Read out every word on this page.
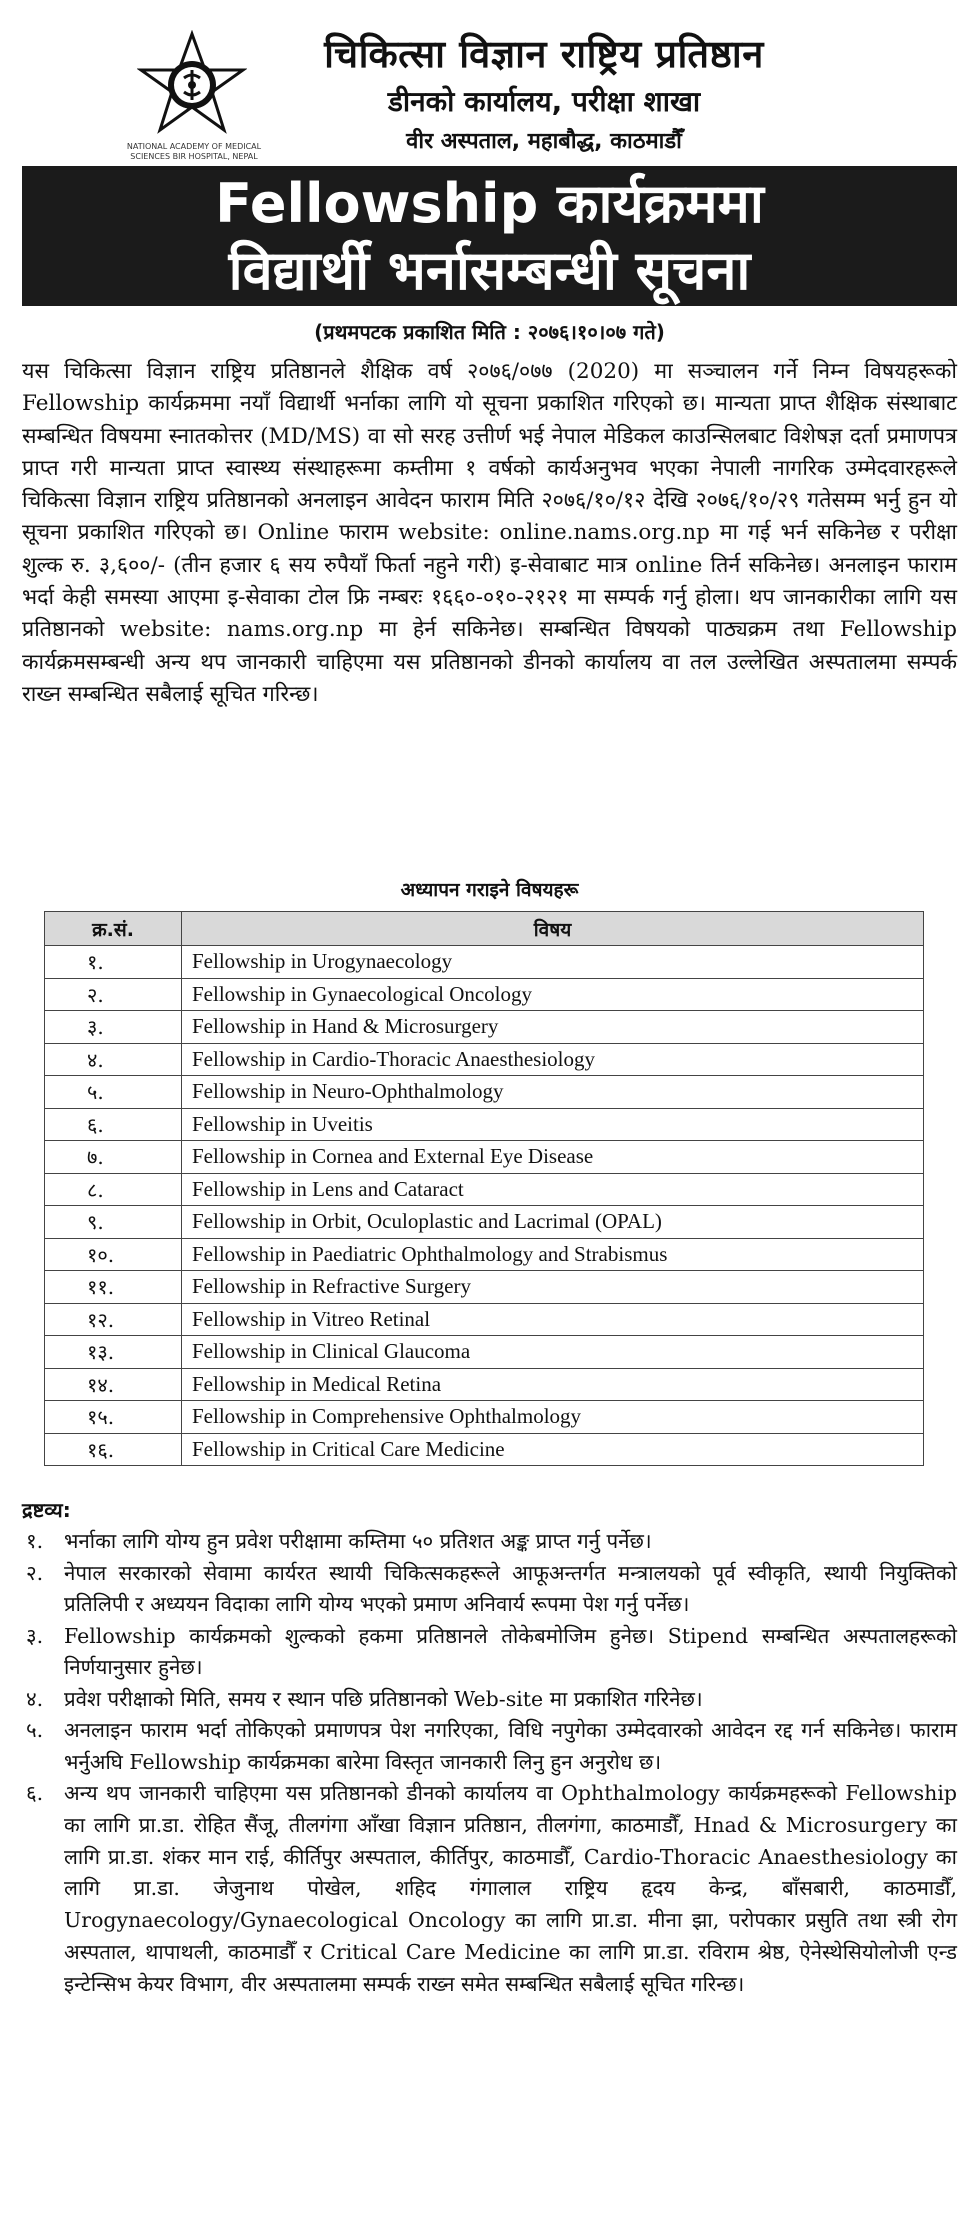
NATIONAL ACADEMY OF MEDICAL SCIENCES BIR HOSPITAL, NEPAL
चिकित्सा विज्ञान राष्ट्रिय प्रतिष्ठान
डीनको कार्यालय, परीक्षा शाखा
वीर अस्पताल, महाबौद्ध, काठमाडौँ
Fellowship कार्यक्रममा
विद्यार्थी भर्नासम्बन्धी सूचना
(प्रथमपटक प्रकाशित मिति : २०७६।१०।०७ गते)

यस चिकित्सा विज्ञान राष्ट्रिय प्रतिष्ठानले शैक्षिक वर्ष २०७६/०७७ (2020) मा सञ्चालन गर्ने निम्न विषयहरूको Fellowship कार्यक्रममा नयाँ विद्यार्थी भर्नाका लागि यो सूचना प्रकाशित गरिएको छ। मान्यता प्राप्त शैक्षिक संस्थाबाट सम्बन्धित विषयमा स्नातकोत्तर (MD/MS) वा सो सरह उत्तीर्ण भई नेपाल मेडिकल काउन्सिलबाट विशेषज्ञ दर्ता प्रमाणपत्र प्राप्त गरी मान्यता प्राप्त स्वास्थ्य संस्थाहरूमा कम्तीमा १ वर्षको कार्यअनुभव भएका नेपाली नागरिक उम्मेदवारहरूले चिकित्सा विज्ञान राष्ट्रिय प्रतिष्ठानको अनलाइन आवेदन फाराम मिति २०७६/१०/१२ देखि २०७६/१०/२९ गतेसम्म भर्नु हुन यो सूचना प्रकाशित गरिएको छ। Online फाराम website: online.nams.org.np मा गई भर्न सकिनेछ र परीक्षा शुल्क रु. ३,६००/- (तीन हजार ६ सय रुपैयाँ फिर्ता नहुने गरी) इ-सेवाबाट मात्र online तिर्न सकिनेछ। अनलाइन फाराम भर्दा केही समस्या आएमा इ-सेवाका टोल फ्रि नम्बरः १६६०-०१०-२१२१ मा सम्पर्क गर्नु होला। थप जानकारीका लागि यस प्रतिष्ठानको website: nams.org.np मा हेर्न सकिनेछ। सम्बन्धित विषयको पाठ्यक्रम तथा Fellowship कार्यक्रमसम्बन्धी अन्य थप जानकारी चाहिएमा यस प्रतिष्ठानको डीनको कार्यालय वा तल उल्लेखित अस्पतालमा सम्पर्क राख्न सम्बन्धित सबैलाई सूचित गरिन्छ।

अध्यापन गराइने विषयहरू
क्र.सं.	विषय
१.	Fellowship in Urogynaecology
२.	Fellowship in Gynaecological Oncology
३.	Fellowship in Hand & Microsurgery
४.	Fellowship in Cardio-Thoracic Anaesthesiology
५.	Fellowship in Neuro-Ophthalmology
६.	Fellowship in Uveitis
७.	Fellowship in Cornea and External Eye Disease
८.	Fellowship in Lens and Cataract
९.	Fellowship in Orbit, Oculoplastic and Lacrimal (OPAL)
१०.	Fellowship in Paediatric Ophthalmology and Strabismus
११.	Fellowship in Refractive Surgery
१२.	Fellowship in Vitreo Retinal
१३.	Fellowship in Clinical Glaucoma
१४.	Fellowship in Medical Retina
१५.	Fellowship in Comprehensive Ophthalmology
१६.	Fellowship in Critical Care Medicine
द्रष्टव्य:
१.	भर्नाका लागि योग्य हुन प्रवेश परीक्षामा कम्तिमा ५० प्रतिशत अङ्क प्राप्त गर्नु पर्नेछ।
२.	नेपाल सरकारको सेवामा कार्यरत स्थायी चिकित्सकहरूले आफूअन्तर्गत मन्त्रालयको पूर्व स्वीकृति, स्थायी नियुक्तिको प्रतिलिपी र अध्ययन विदाका लागि योग्य भएको प्रमाण अनिवार्य रूपमा पेश गर्नु पर्नेछ।
३.	Fellowship कार्यक्रमको शुल्कको हकमा प्रतिष्ठानले तोकेबमोजिम हुनेछ। Stipend सम्बन्धित अस्पतालहरूको निर्णयानुसार हुनेछ।
४.	प्रवेश परीक्षाको मिति, समय र स्थान पछि प्रतिष्ठानको Web-site मा प्रकाशित गरिनेछ।
५.	अनलाइन फाराम भर्दा तोकिएको प्रमाणपत्र पेश नगरिएका, विधि नपुगेका उम्मेदवारको आवेदन रद्द गर्न सकिनेछ। फाराम भर्नुअघि Fellowship कार्यक्रमका बारेमा विस्तृत जानकारी लिनु हुन अनुरोध छ।
६.	अन्य थप जानकारी चाहिएमा यस प्रतिष्ठानको डीनको कार्यालय वा Ophthalmology कार्यक्रमहरूको Fellowship का लागि प्रा.डा. रोहित सैंजू, तीलगंगा आँखा विज्ञान प्रतिष्ठान, तीलगंगा, काठमाडौँ, Hnad & Microsurgery का लागि प्रा.डा. शंकर मान राई, कीर्तिपुर अस्पताल, कीर्तिपुर, काठमाडौँ, Cardio-Thoracic Anaesthesiology का लागि प्रा.डा. जेजुनाथ पोखेल, शहिद गंगालाल राष्ट्रिय हृदय केन्द्र, बाँसबारी, काठमाडौँ, Urogynaecology/Gynaecological Oncology का लागि प्रा.डा. मीना झा, परोपकार प्रसुति तथा स्त्री रोग अस्पताल, थापाथली, काठमाडौँ र Critical Care Medicine का लागि प्रा.डा. रविराम श्रेष्ठ, ऐनेस्थेसियोलोजी एन्ड इन्टेन्सिभ केयर विभाग, वीर अस्पतालमा सम्पर्क राख्न समेत सम्बन्धित सबैलाई सूचित गरिन्छ।
